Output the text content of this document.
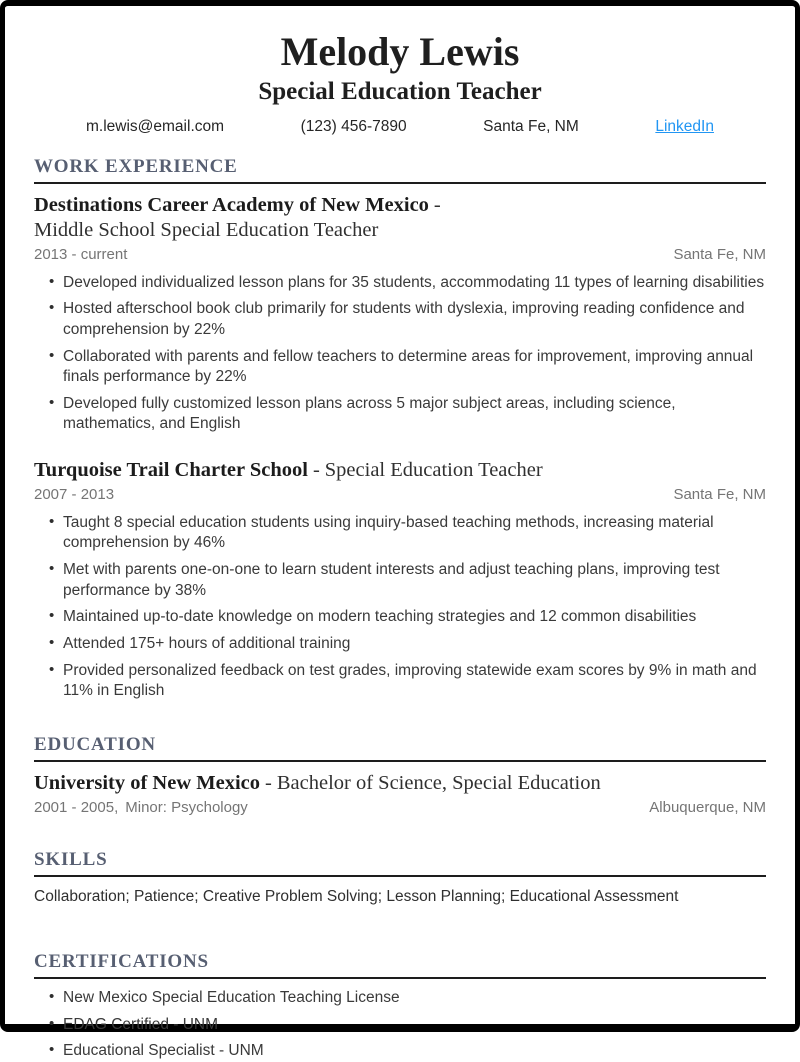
Melody Lewis
Special Education Teacher
m.lewis@email.com	(123) 456-7890	Santa Fe, NM	LinkedIn
WORK EXPERIENCE

Destinations Career Academy of New Mexico -Middle School Special Education Teacher

2013 - current	Santa Fe, NM
• Developed individualized lesson plans for 35 students, accommodating 11 types of learning disabilities
• Hosted afterschool book club primarily for students with dyslexia, improving reading confidence and comprehension by 22%
• Collaborated with parents and fellow teachers to determine areas for improvement, improving annual finals performance by 22%
• Developed fully customized lesson plans across 5 major subject areas, including science, mathematics, and English

Turquoise Trail Charter School - Special Education Teacher

2007 - 2013	Santa Fe, NM
• Taught 8 special education students using inquiry-based teaching methods, increasing material comprehension by 46%
• Met with parents one-on-one to learn student interests and adjust teaching plans, improving test performance by 38%
• Maintained up-to-date knowledge on modern teaching strategies and 12 common disabilities
• Attended 175+ hours of additional training
• Provided personalized feedback on test grades, improving statewide exam scores by 9% in math and 11% in English
EDUCATION

University of New Mexico - Bachelor of Science, Special Education

2001 - 2005, Minor: Psychology	Albuquerque, NM
SKILLS

Collaboration; Patience; Creative Problem Solving; Lesson Planning; Educational Assessment

CERTIFICATIONS
• New Mexico Special Education Teaching License
• EDAG Certified - UNM
• Educational Specialist - UNM
